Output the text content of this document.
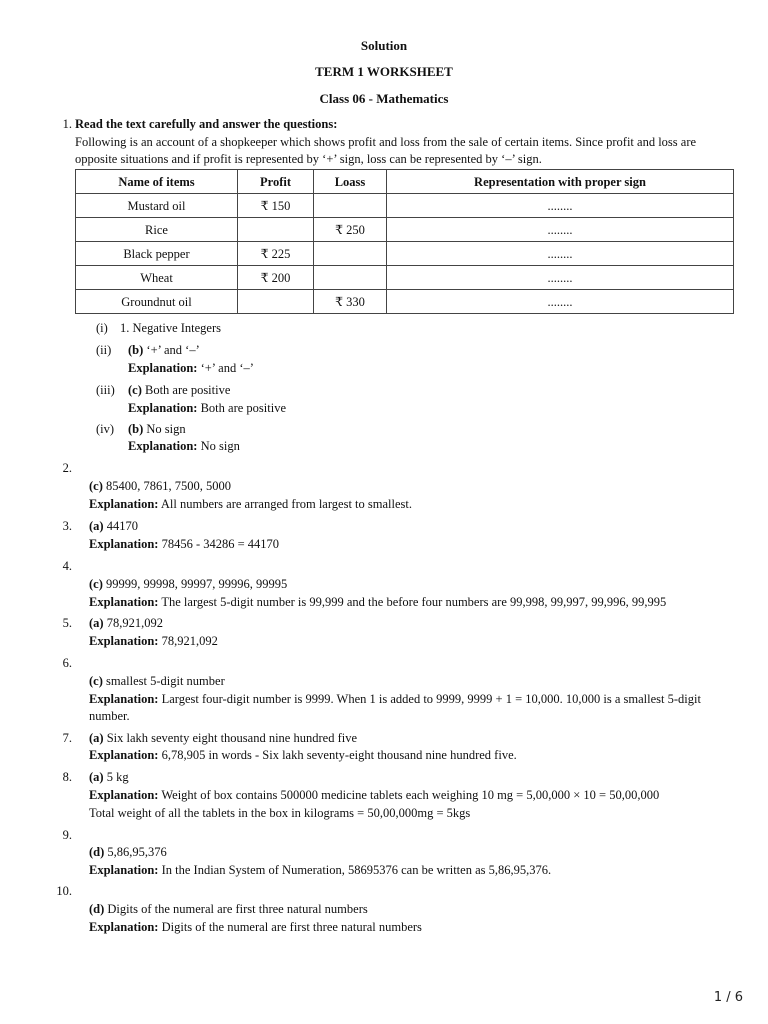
Solution
TERM 1 WORKSHEET
Class 06 - Mathematics
1. Read the text carefully and answer the questions:
Following is an account of a shopkeeper which shows profit and loss from the sale of certain items. Since profit and loss are
opposite situations and if profit is represented by ‘+’ sign, loss can be represented by ‘–’ sign.
Name of items	Profit	Loass	Representation with proper sign
Mustard oil	₹ 150		........
Rice		₹ 250	........
Black pepper	₹ 225		........
Wheat	₹ 200		........
Groundnut oil		₹ 330	........
(i) 1. Negative Integers
(ii) (b) ‘+’ and ‘–’
Explanation: ‘+’ and ‘–’
(iii) (c) Both are positive
Explanation: Both are positive
(iv) (b) No sign
Explanation: No sign
2.
(c) 85400, 7861, 7500, 5000
Explanation: All numbers are arranged from largest to smallest.
3. (a) 44170
Explanation: 78456 - 34286 = 44170
4.
(c) 99999, 99998, 99997, 99996, 99995
Explanation: The largest 5-digit number is 99,999 and the before four numbers are 99,998, 99,997, 99,996, 99,995
5. (a) 78,921,092
Explanation: 78,921,092
6.
(c) smallest 5-digit number
Explanation: Largest four-digit number is 9999. When 1 is added to 9999, 9999 + 1 = 10,000. 10,000 is a smallest 5-digit
number.
7. (a) Six lakh seventy eight thousand nine hundred five
Explanation: 6,78,905 in words - Six lakh seventy-eight thousand nine hundred five.
8. (a) 5 kg
Explanation: Weight of box contains 500000 medicine tablets each weighing 10 mg = 5,00,000 × 10 = 50,00,000
Total weight of all the tablets in the box in kilograms = 50,00,000mg = 5kgs
9.
(d) 5,86,95,376
Explanation: In the Indian System of Numeration, 58695376 can be written as 5,86,95,376.
10.
(d) Digits of the numeral are first three natural numbers
Explanation: Digits of the numeral are first three natural numbers
1 / 6
